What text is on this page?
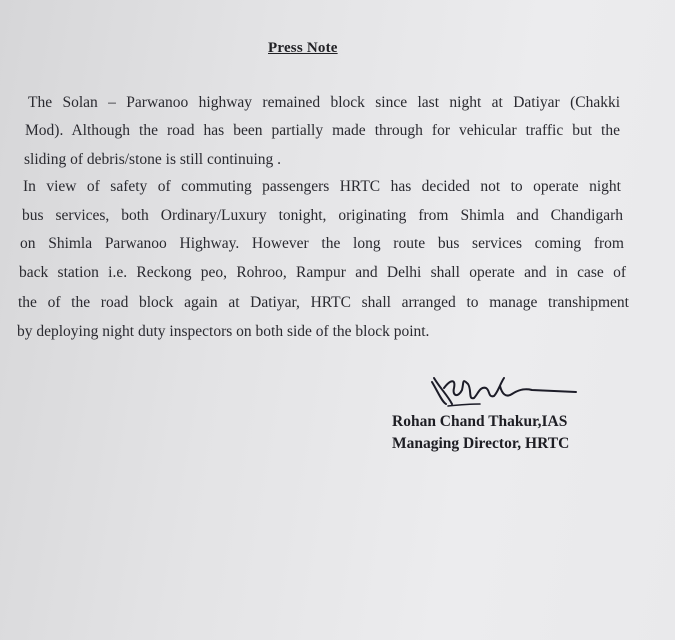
Press Note
The Solan – Parwanoo highway remained block since last night at Datiyar (Chakki
Mod). Although the road has been partially made through for vehicular traffic but the
sliding of debris/stone is still continuing .
In view of safety of commuting passengers HRTC has decided not to operate night
bus services, both Ordinary/Luxury tonight, originating from Shimla and Chandigarh
on Shimla Parwanoo Highway. However the long route bus services coming from
back station i.e. Reckong peo, Rohroo, Rampur and Delhi shall operate and in case of
the of the road block again at Datiyar, HRTC shall arranged to manage transhipment
by deploying night duty inspectors on both side of the block point.
Rohan Chand Thakur,IAS
Managing Director, HRTC
